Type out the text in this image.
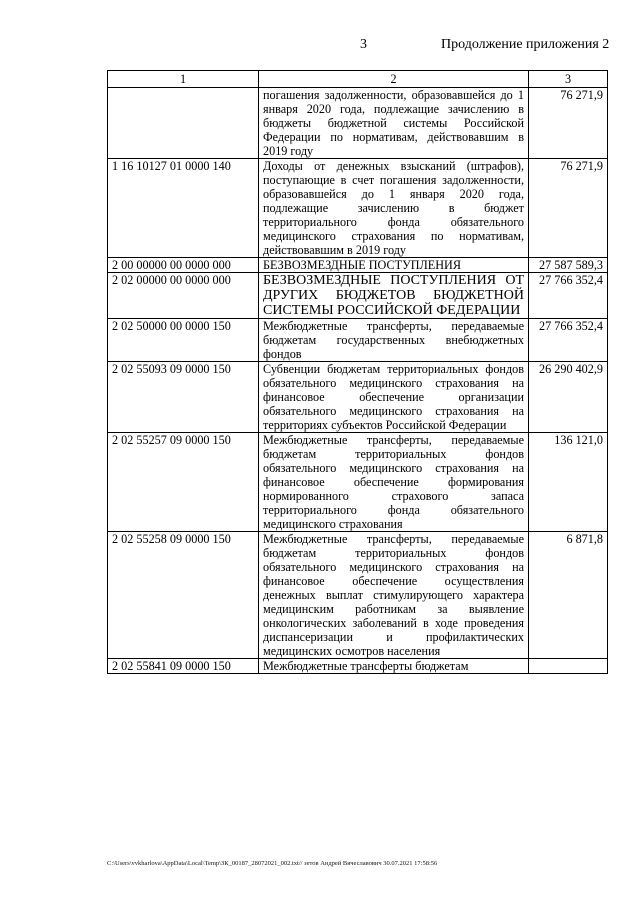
3	Продолжение приложения 2
1	2	3
	погашения задолженности, образовавшейся до 1 января 2020 года, подлежащие зачислению в бюджеты бюджетной системы Российской Федерации по нормативам, действовавшим в 2019 году	76 271,9
1 16 10127 01 0000 140	Доходы от денежных взысканий (штрафов), поступающие в счет погашения задолженности, образовавшейся до 1 января 2020 года, подлежащие зачислению в бюджет территориального фонда обязательного медицинского страхования по нормативам, действовавшим в 2019 году	76 271,9
2 00 00000 00 0000 000	БЕЗВОЗМЕЗДНЫЕ ПОСТУПЛЕНИЯ	27 587 589,3
2 02 00000 00 0000 000	БЕЗВОЗМЕЗДНЫЕ ПОСТУПЛЕНИЯ ОТ ДРУГИХ БЮДЖЕТОВ БЮДЖЕТНОЙ СИСТЕМЫ РОССИЙСКОЙ ФЕДЕРАЦИИ	27 766 352,4
2 02 50000 00 0000 150	Межбюджетные трансферты, передаваемые бюджетам государственных внебюджетных фондов	27 766 352,4
2 02 55093 09 0000 150	Субвенции бюджетам территориальных фондов обязательного медицинского страхования на финансовое обеспечение организации обязательного медицинского страхования на территориях субъектов Российской Федерации	26 290 402,9
2 02 55257 09 0000 150	Межбюджетные трансферты, передаваемые бюджетам территориальных фондов обязательного медицинского страхования на финансовое обеспечение формирования нормированного страхового запаса территориального фонда обязательного медицинского страхования	136 121,0
2 02 55258 09 0000 150	Межбюджетные трансферты, передаваемые бюджетам территориальных фондов обязательного медицинского страхования на финансовое обеспечение осуществления денежных выплат стимулирующего характера медицинским работникам за выявление онкологических заболеваний в ходе проведения диспансеризации и профилактических медицинских осмотров населения	6 871,8
2 02 55841 09 0000 150	Межбюджетные трансферты бюджетам	
C:\Users\vvkharlova\AppData\Local\Temp\ЗК_00187_28072021_002.txt// зетов Андрей Вячеславович 30.07.2021 17:58:56
